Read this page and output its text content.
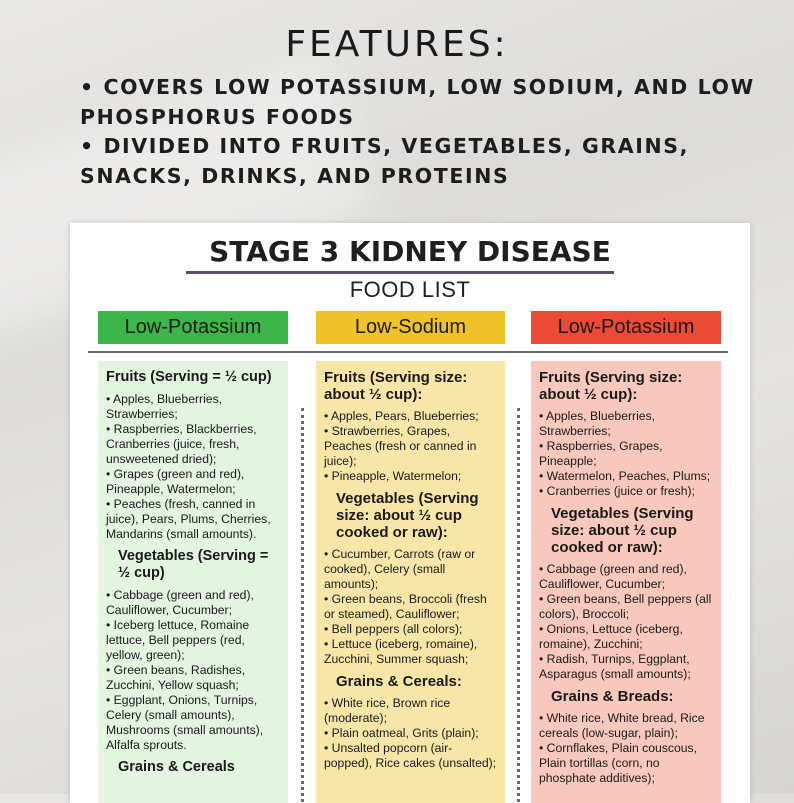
FEATURES:

• COVERS LOW POTASSIUM, LOW SODIUM, AND LOW PHOSPHORUS FOODS

• DIVIDED INTO FRUITS, VEGETABLES, GRAINS, SNACKS, DRINKS, AND PROTEINS

STAGE 3 KIDNEY DISEASE
FOOD LIST
Low-Potassium	Low-Sodium	Low-Potassium
Fruits (Serving = ½ cup)
• Apples, Blueberries, Strawberries;
• Raspberries, Blackberries, Cranberries (juice, fresh, unsweetened dried);
• Grapes (green and red), Pineapple, Watermelon;
• Peaches (fresh, canned in juice), Pears, Plums, Cherries, Mandarins (small amounts).
Vegetables (Serving = ½ cup)
• Cabbage (green and red), Cauliflower, Cucumber;
• Iceberg lettuce, Romaine lettuce, Bell peppers (red, yellow, green);
• Green beans, Radishes, Zucchini, Yellow squash;
• Eggplant, Onions, Turnips, Celery (small amounts), Mushrooms (small amounts), Alfalfa sprouts.
Grains & Cereals
Fruits (Serving size: about ½ cup):
• Apples, Pears, Blueberries;
• Strawberries, Grapes, Peaches (fresh or canned in juice);
• Pineapple, Watermelon;
Vegetables (Serving size: about ½ cup cooked or raw):
• Cucumber, Carrots (raw or cooked), Celery (small amounts);
• Green beans, Broccoli (fresh or steamed), Cauliflower;
• Bell peppers (all colors);
• Lettuce (iceberg, romaine), Zucchini, Summer squash;
Grains & Cereals:
• White rice, Brown rice (moderate);
• Plain oatmeal, Grits (plain);
• Unsalted popcorn (air-popped), Rice cakes (unsalted);
Fruits (Serving size: about ½ cup):
• Apples, Blueberries, Strawberries;
• Raspberries, Grapes, Pineapple;
• Watermelon, Peaches, Plums;
• Cranberries (juice or fresh);
Vegetables (Serving size: about ½ cup cooked or raw):
• Cabbage (green and red), Cauliflower, Cucumber;
• Green beans, Bell peppers (all colors), Broccoli;
• Onions, Lettuce (iceberg, romaine), Zucchini;
• Radish, Turnips, Eggplant, Asparagus (small amounts);
Grains & Breads:
• White rice, White bread, Rice cereals (low-sugar, plain);
• Cornflakes, Plain couscous, Plain tortillas (corn, no phosphate additives);
